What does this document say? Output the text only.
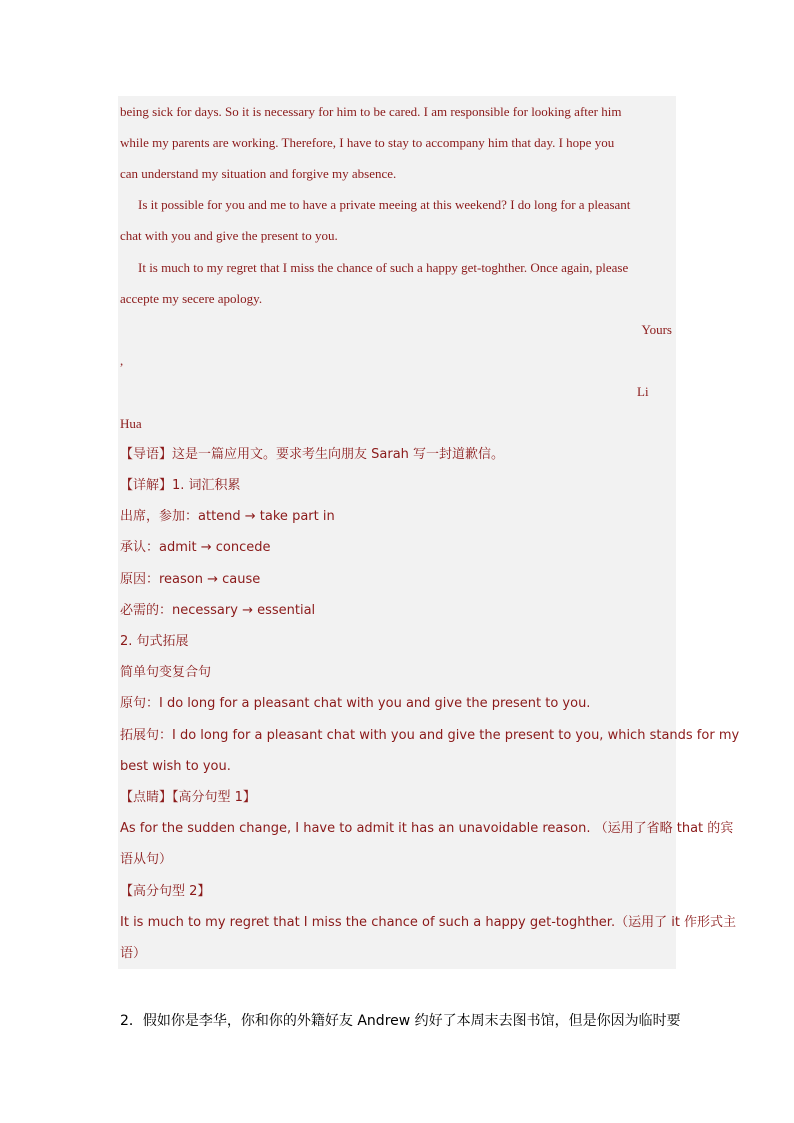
being sick for days. So it is necessary for him to be cared. I am responsible for looking after him
while my parents are working. Therefore, I have to stay to accompany him that day. I hope you
can understand my situation and forgive my absence.
Is it possible for you and me to have a private meeing at this weekend? I do long for a pleasant
chat with you and give the present to you.
It is much to my regret that I miss the chance of such a happy get-toghther. Once again, please
accepte my secere apology.
Yours
,
Li
Hua
【导语】这是一篇应用文。要求考生向朋友 Sarah 写一封道歉信。
【详解】1. 词汇积累
出席，参加：attend → take part in
承认：admit → concede
原因：reason → cause
必需的：necessary → essential
2. 句式拓展
简单句变复合句
原句：I do long for a pleasant chat with you and give the present to you.
拓展句：I do long for a pleasant chat with you and give the present to you, which stands for my
best wish to you.
【点睛】【高分句型 1】
As for the sudden change, I have to admit it has an unavoidable reason. （运用了省略 that 的宾
语从句）
【高分句型 2】
It is much to my regret that I miss the chance of such a happy get-toghther.（运用了 it 作形式主
语）
2．假如你是李华，你和你的外籍好友 Andrew 约好了本周末去图书馆，但是你因为临时要
